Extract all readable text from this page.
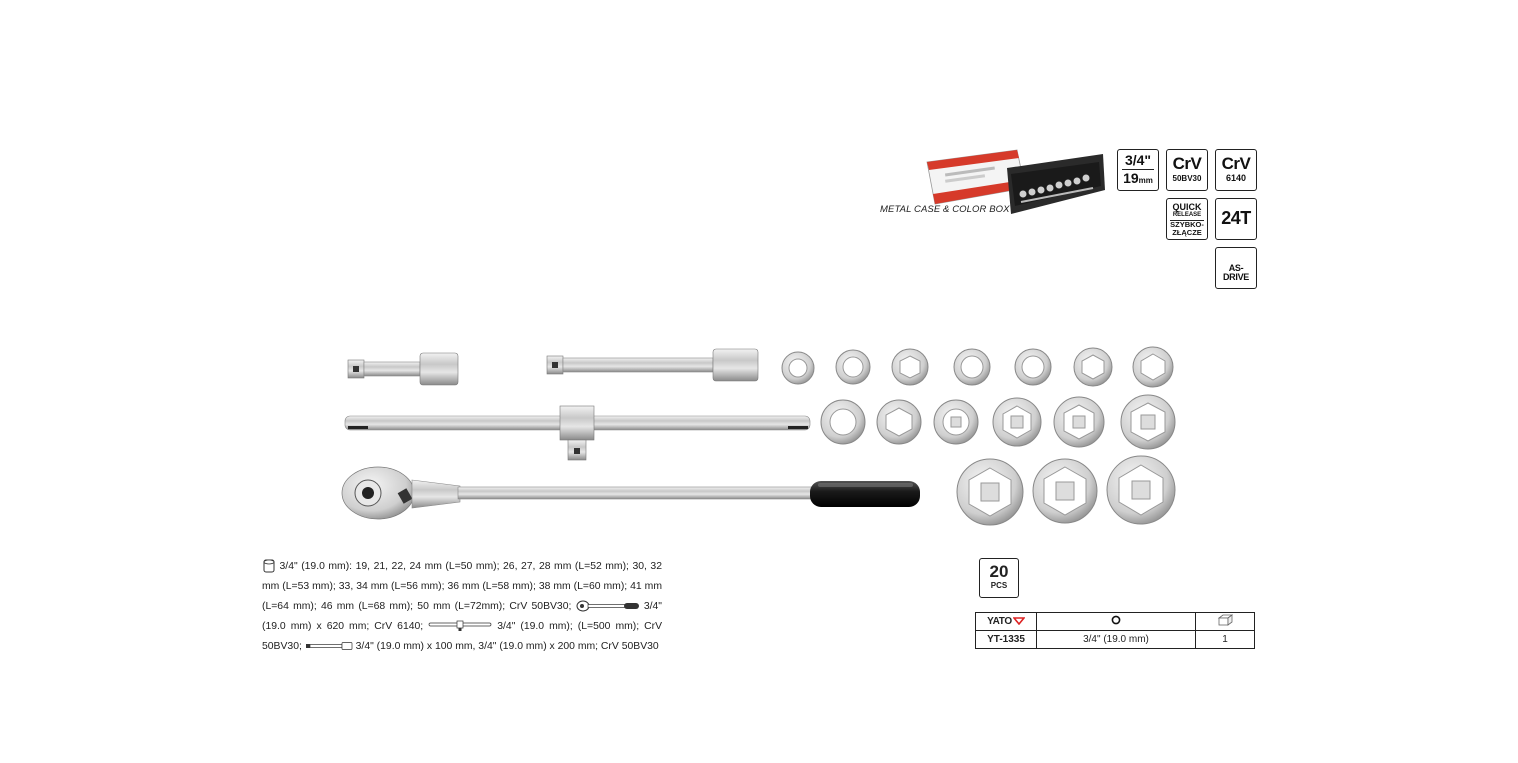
METAL CASE & COLOR BOX
3/4"
19mm
CrV
50BV30
CrV
6140
QUICK
RELEASE
SZYBKO-
ZŁĄCZE
24T
AS-DRIVE
3/4" (19.0 mm): 19, 21, 22, 24 mm (L=50 mm); 26, 27, 28 mm (L=52 mm); 30, 32 mm (L=53 mm); 33, 34 mm (L=56 mm); 36 mm (L=58 mm); 38 mm (L=60 mm); 41 mm (L=64 mm); 46 mm (L=68 mm); 50 mm (L=72mm); CrV 50BV30;	3/4" (19.0 mm) x 620 mm; CrV 6140;	3/4" (19.0 mm); (L=500 mm); CrV 50BV30;	3/4" (19.0 mm) x 100 mm, 3/4" (19.0 mm) x 200 mm; CrV 50BV30
20
PCS
YATO		
YT-1335	3/4" (19.0 mm)	1
